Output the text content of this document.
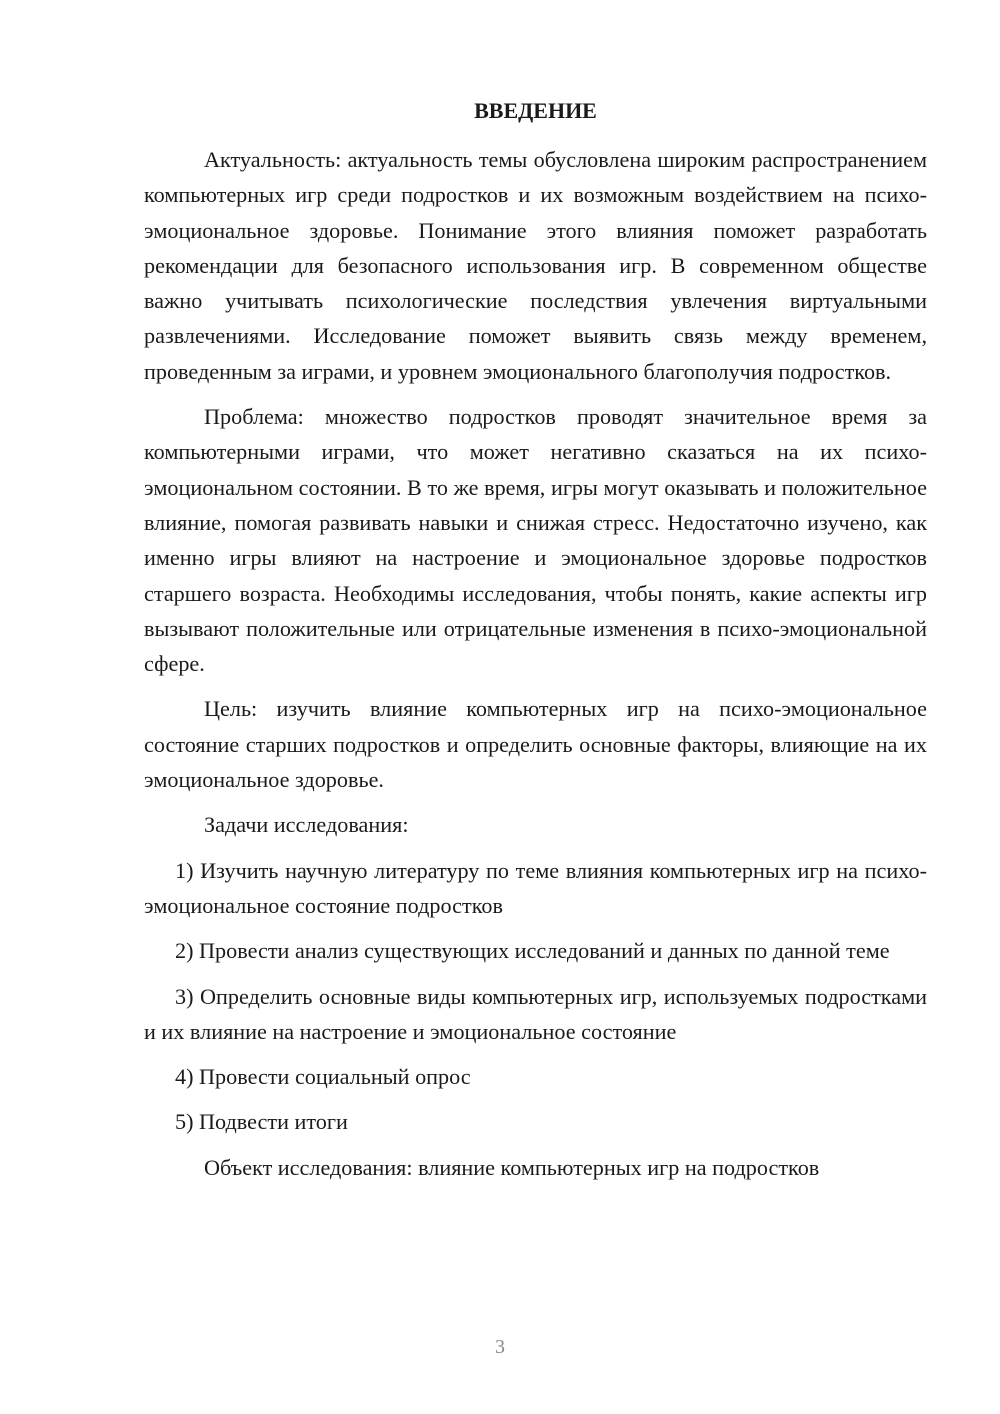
ВВЕДЕНИЕ

Актуальность: актуальность темы обусловлена широким распространением компьютерных игр среди подростков и их возможным воздействием на психо-эмоциональное здоровье. Понимание этого влияния поможет разработать рекомендации для безопасного использования игр. В современном обществе важно учитывать психологические последствия увлечения виртуальными развлечениями. Исследование поможет выявить связь между временем, проведенным за играми, и уровнем эмоционального благополучия подростков.

Проблема: множество подростков проводят значительное время за компьютерными играми, что может негативно сказаться на их психо-эмоциональном состоянии. В то же время, игры могут оказывать и положительное влияние, помогая развивать навыки и снижая стресс. Недостаточно изучено, как именно игры влияют на настроение и эмоциональное здоровье подростков старшего возраста. Необходимы исследования, чтобы понять, какие аспекты игр вызывают положительные или отрицательные изменения в психо-эмоциональной сфере.

Цель: изучить влияние компьютерных игр на психо-эмоциональное состояние старших подростков и определить основные факторы, влияющие на их эмоциональное здоровье.

Задачи исследования:

1) Изучить научную литературу по теме влияния компьютерных игр на психо-эмоциональное состояние подростков

2) Провести анализ существующих исследований и данных по данной теме

3) Определить основные виды компьютерных игр, используемых подростками и их влияние на настроение и эмоциональное состояние

4) Провести социальный опрос

5) Подвести итоги

Объект исследования: влияние компьютерных игр на подростков

3
